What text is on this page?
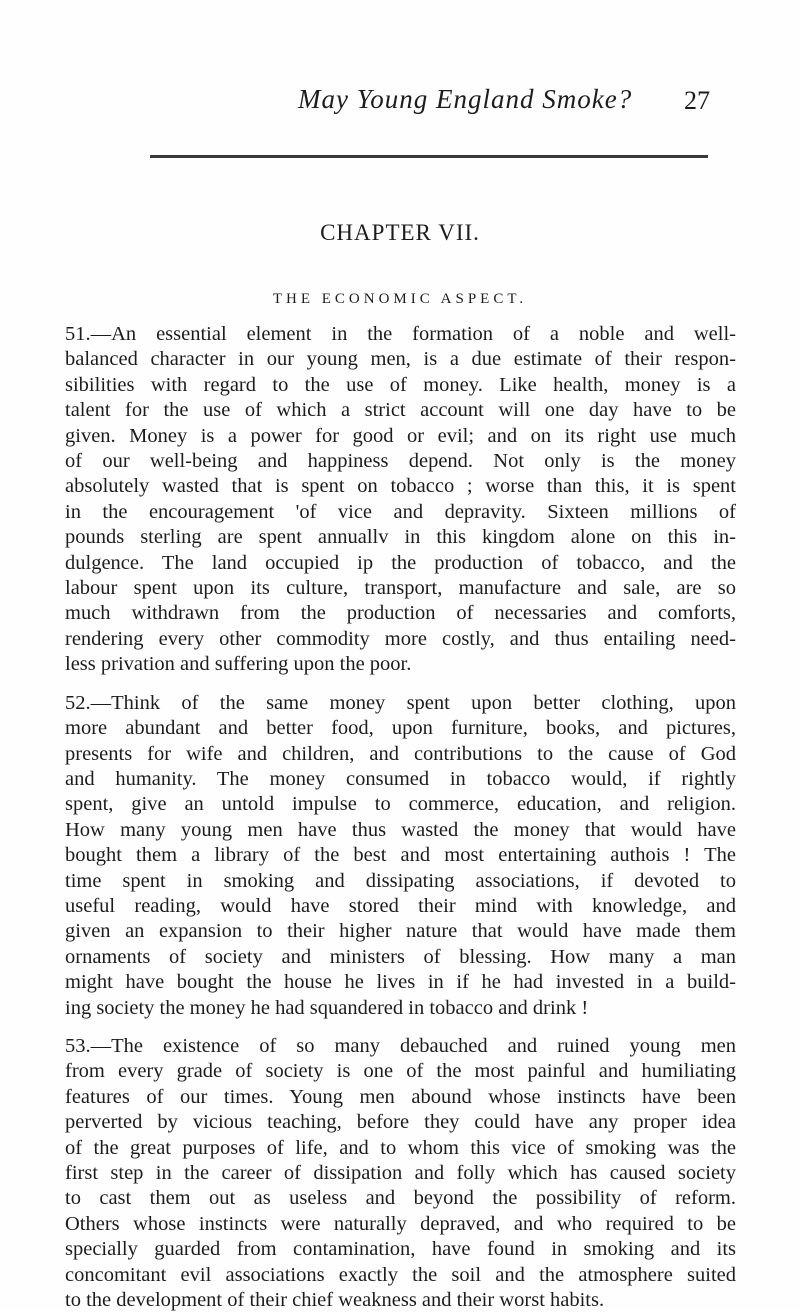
May Young England Smoke? 27
CHAPTER VII.
THE ECONOMIC ASPECT.

51.—An essential element in the formation of a noble and well-
balanced character in our young men, is a due estimate of their respon-
sibilities with regard to the use of money. Like health, money is a
talent for the use of which a strict account will one day have to be
given. Money is a power for good or evil; and on its right use much
of our well-being and happiness depend. Not only is the money
absolutely wasted that is spent on tobacco ; worse than this, it is spent
in the encouragement 'of vice and depravity. Sixteen millions of
pounds sterling are spent annuallv in this kingdom alone on this in-
dulgence. The land occupied ip the production of tobacco, and the
labour spent upon its culture, transport, manufacture and sale, are so
much withdrawn from the production of necessaries and comforts,
rendering every other commodity more costly, and thus entailing need-
less privation and suffering upon the poor.

52.—Think of the same money spent upon better clothing, upon
more abundant and better food, upon furniture, books, and pictures,
presents for wife and children, and contributions to the cause of God
and humanity. The money consumed in tobacco would, if rightly
spent, give an untold impulse to commerce, education, and religion.
How many young men have thus wasted the money that would have
bought them a library of the best and most entertaining authois ! The
time spent in smoking and dissipating associations, if devoted to
useful reading, would have stored their mind with knowledge, and
given an expansion to their higher nature that would have made them
ornaments of society and ministers of blessing. How many a man
might have bought the house he lives in if he had invested in a build-
ing society the money he had squandered in tobacco and drink !

53.—The existence of so many debauched and ruined young men
from every grade of society is one of the most painful and humiliating
features of our times. Young men abound whose instincts have been
perverted by vicious teaching, before they could have any proper idea
of the great purposes of life, and to whom this vice of smoking was the
first step in the career of dissipation and folly which has caused society
to cast them out as useless and beyond the possibility of reform.
Others whose instincts were naturally depraved, and who required to be
specially guarded from contamination, have found in smoking and its
concomitant evil associations exactly the soil and the atmosphere suited
to the development of their chief weakness and their worst habits.
